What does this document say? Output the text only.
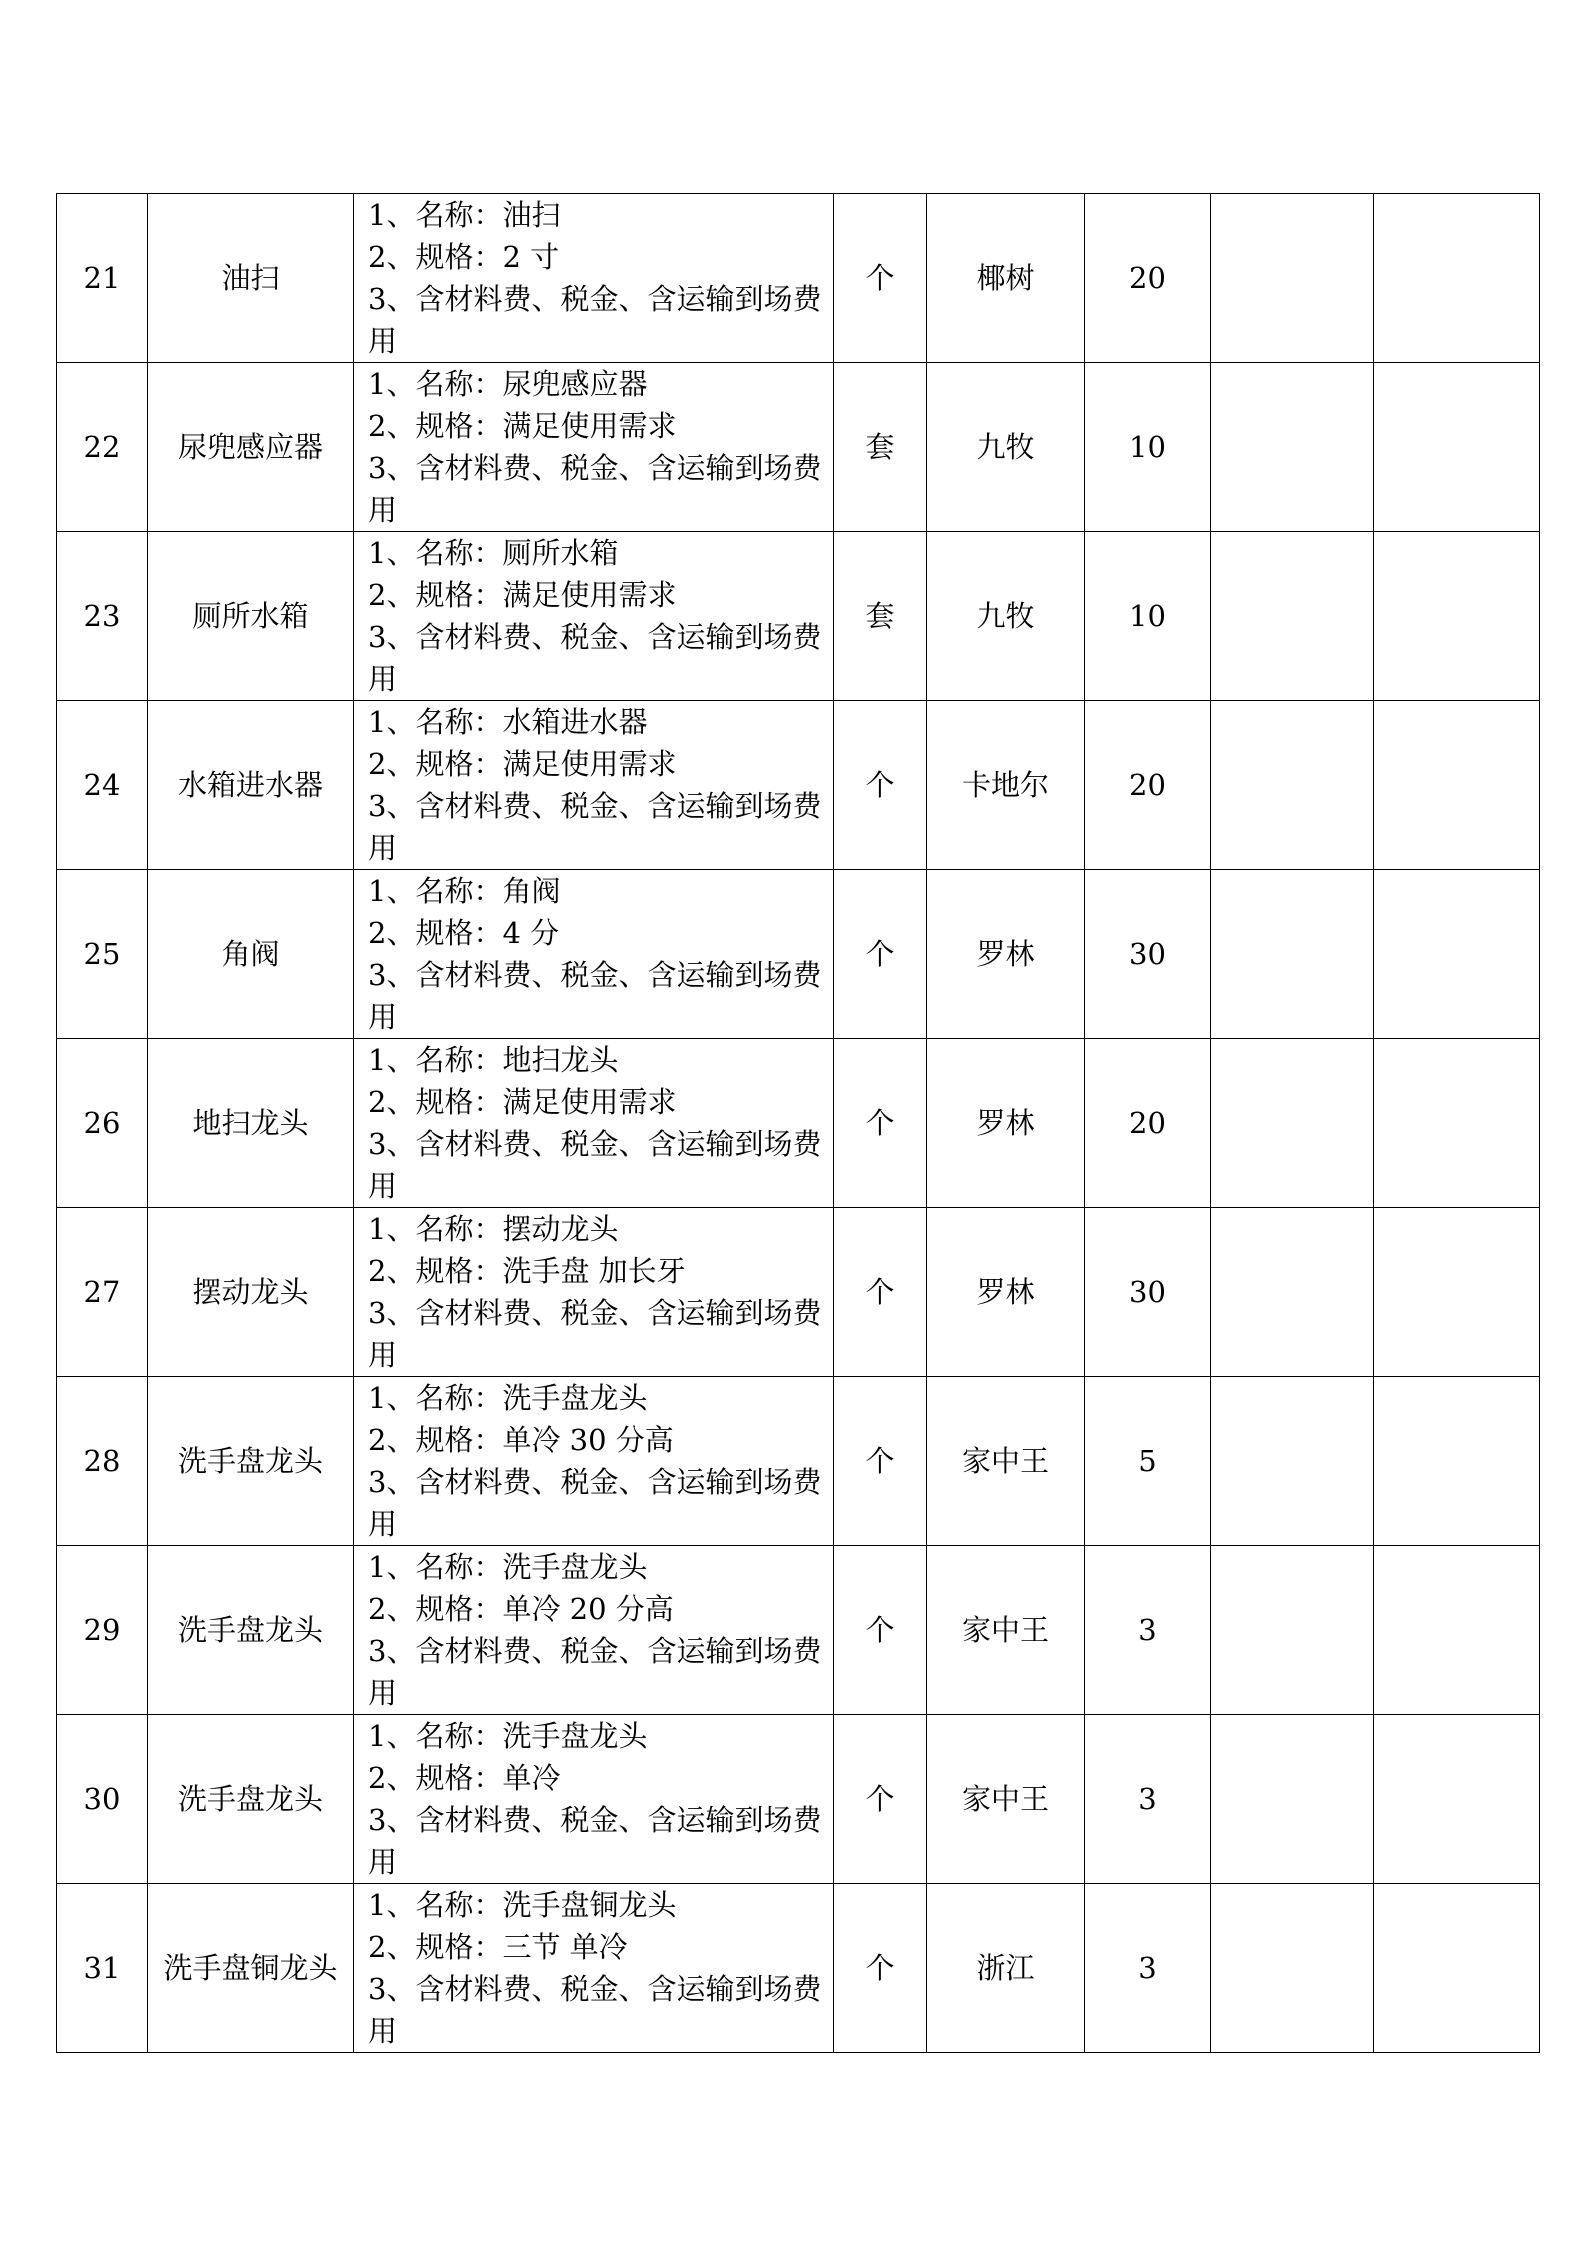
21	油扫	1、名称：油扫
2、规格：2 寸
3、含材料费、税金、含运输到场费用	个	椰树	20		
22	尿兜感应器	1、名称：尿兜感应器
2、规格：满足使用需求
3、含材料费、税金、含运输到场费用	套	九牧	10		
23	厕所水箱	1、名称：厕所水箱
2、规格：满足使用需求
3、含材料费、税金、含运输到场费用	套	九牧	10		
24	水箱进水器	1、名称：水箱进水器
2、规格：满足使用需求
3、含材料费、税金、含运输到场费用	个	卡地尔	20		
25	角阀	1、名称：角阀
2、规格：4 分
3、含材料费、税金、含运输到场费用	个	罗林	30		
26	地扫龙头	1、名称：地扫龙头
2、规格：满足使用需求
3、含材料费、税金、含运输到场费用	个	罗林	20		
27	摆动龙头	1、名称：摆动龙头
2、规格：洗手盘 加长牙
3、含材料费、税金、含运输到场费用	个	罗林	30		
28	洗手盘龙头	1、名称：洗手盘龙头
2、规格：单冷 30 分高
3、含材料费、税金、含运输到场费用	个	家中王	5		
29	洗手盘龙头	1、名称：洗手盘龙头
2、规格：单冷 20 分高
3、含材料费、税金、含运输到场费用	个	家中王	3		
30	洗手盘龙头	1、名称：洗手盘龙头
2、规格：单冷
3、含材料费、税金、含运输到场费用	个	家中王	3		
31	洗手盘铜龙头	1、名称：洗手盘铜龙头
2、规格：三节 单冷
3、含材料费、税金、含运输到场费用	个	浙江	3		
